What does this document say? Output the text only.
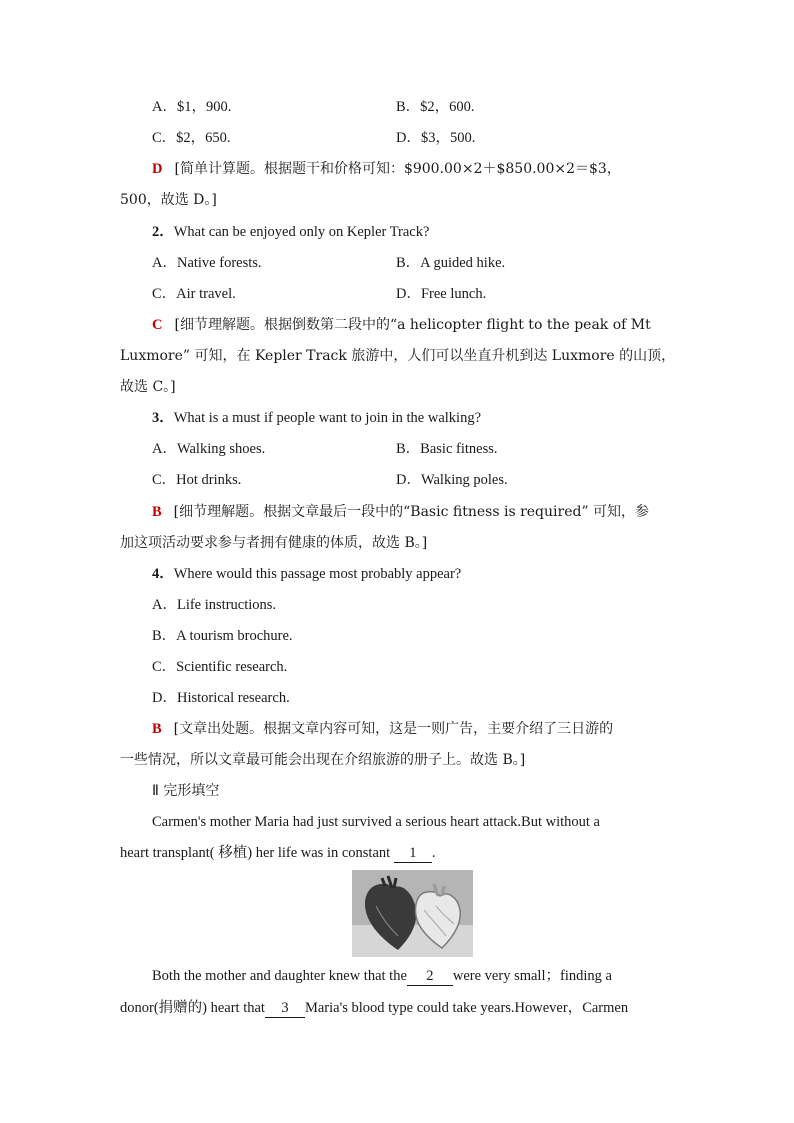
A．$1，900.	B．$2，600.
C．$2，650.	D．$3，500.
D [简单计算题。根据题干和价格可知：$900.00×2＋$850.00×2＝$3，
500，故选 D。]
2．What can be enjoyed only on Kepler Track?
A．Native forests.	B．A guided hike.
C．Air travel.	D．Free lunch.
C [细节理解题。根据倒数第二段中的“a helicopter flight to the peak of Mt
Luxmore” 可知，在 Kepler Track 旅游中，人们可以坐直升机到达 Luxmore 的山顶，
故选 C。]
3．What is a must if people want to join in the walking?
A．Walking shoes.	B．Basic fitness.
C．Hot drinks.	D．Walking poles.
B [细节理解题。根据文章最后一段中的“Basic fitness is required” 可知，参
加这项活动要求参与者拥有健康的体质，故选 B。]
4．Where would this passage most probably appear?
A．Life instructions.
B．A tourism brochure.
C．Scientific research.
D．Historical research.
B [文章出处题。根据文章内容可知，这是一则广告，主要介绍了三日游的
一些情况，所以文章最可能会出现在介绍旅游的册子上。故选 B。]
Ⅱ 完形填空
Carmen's mother Maria had just survived a serious heart attack.But without a
heart transplant( 移植) her life was in constant 1 .
Both the mother and daughter knew that the 2 were very small；finding a
donor(捐赠的) heart that 3 Maria's blood type could take years.However，Carmen
